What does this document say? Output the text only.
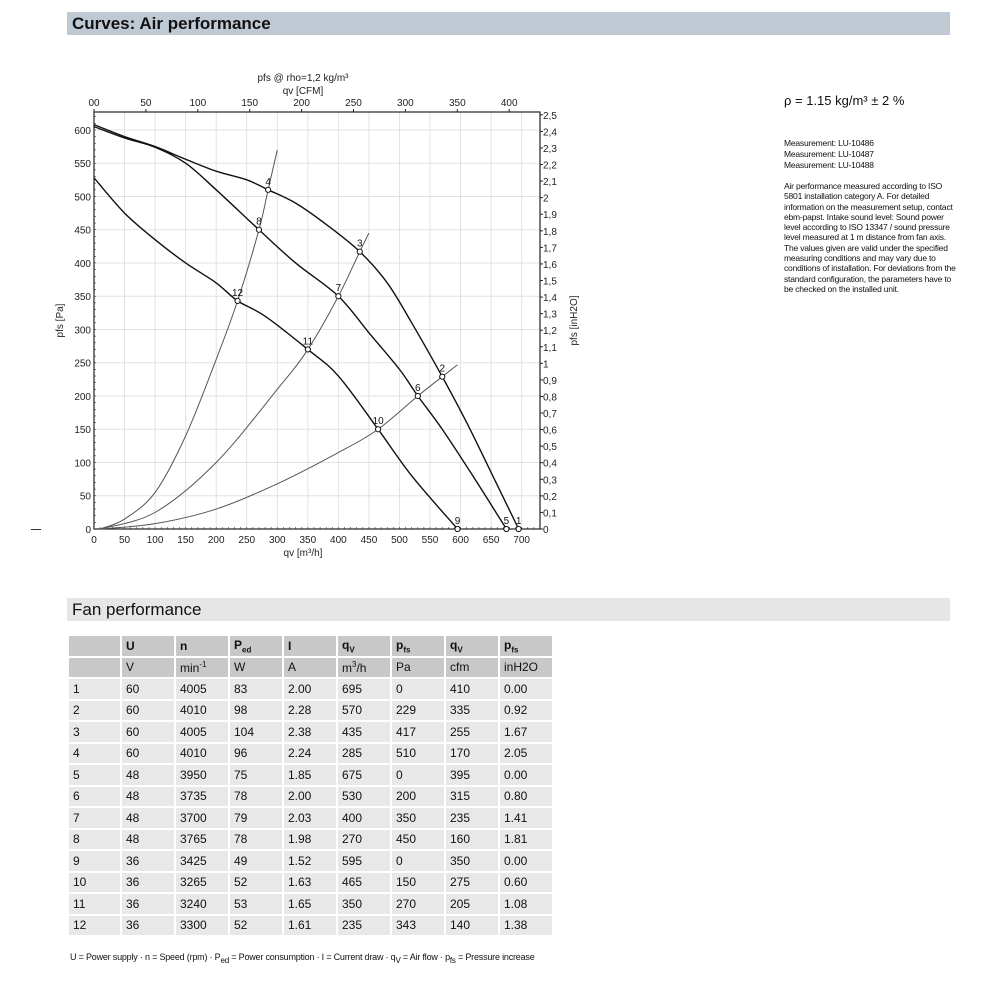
Curves: Air performance
0 50 100 150 200 250 300 350 400 450 500 550 600 650 700
0
50
100
150
200
250
300
350
400
450
500
550
600
0
0,1
0,2
0,3
0,4
0,5
0,6
0,7
0,8
0,9
1
1,1
1,2
1,3
1,4
1,5
1,6
1,7
1,8
1,9
2
2,1
2,2
2,3
2,4
2,5
00	50	100	150	200	250	300	350	400
pfs @ rho=1,2 kg/m³
qv [CFM]
qv [m³/h]
pfs [Pa]	pfs [inH2O]
1
2
3
4
5
6
7
8
9
10
11
12
ρ = 1.15 kg/m³ ± 2 %
Measurement: LU-10486
Measurement: LU-10487
Measurement: LU-10488
Air performance measured according to ISO 5801 installation category A. For detailed information on the measurement setup, contact ebm-papst. Intake sound level: Sound power level according to ISO 13347 / sound pressure level measured at 1 m distance from fan axis. The values given are valid under the specified measuring conditions and may vary due to conditions of installation. For deviations from the standard configuration, the parameters have to be checked on the installed unit.
Fan performance
	U	n	$P_{ed}$	I	$q_V$	$p_{fs}$	$q_V$	$p_{fs}$
	V	$\min^{-1}$	W	A	$m^3/h$	Pa	cfm	inH2O
1	60	4005	83	2.00	695	0	410	0.00
2	60	4010	98	2.28	570	229	335	0.92
3	60	4005	104	2.38	435	417	255	1.67
4	60	4010	96	2.24	285	510	170	2.05
5	48	3950	75	1.85	675	0	395	0.00
6	48	3735	78	2.00	530	200	315	0.80
7	48	3700	79	2.03	400	350	235	1.41
8	48	3765	78	1.98	270	450	160	1.81
9	36	3425	49	1.52	595	0	350	0.00
10	36	3265	52	1.63	465	150	275	0.60
11	36	3240	53	1.65	350	270	205	1.08
12	36	3300	52	1.61	235	343	140	1.38
U = Power supply · n = Speed $(rpm) \cdot P_{ed}$ = Power consumption · I = Current draw · $q_V$ = Air flow · $p_{fs}$ = Pressure increase
